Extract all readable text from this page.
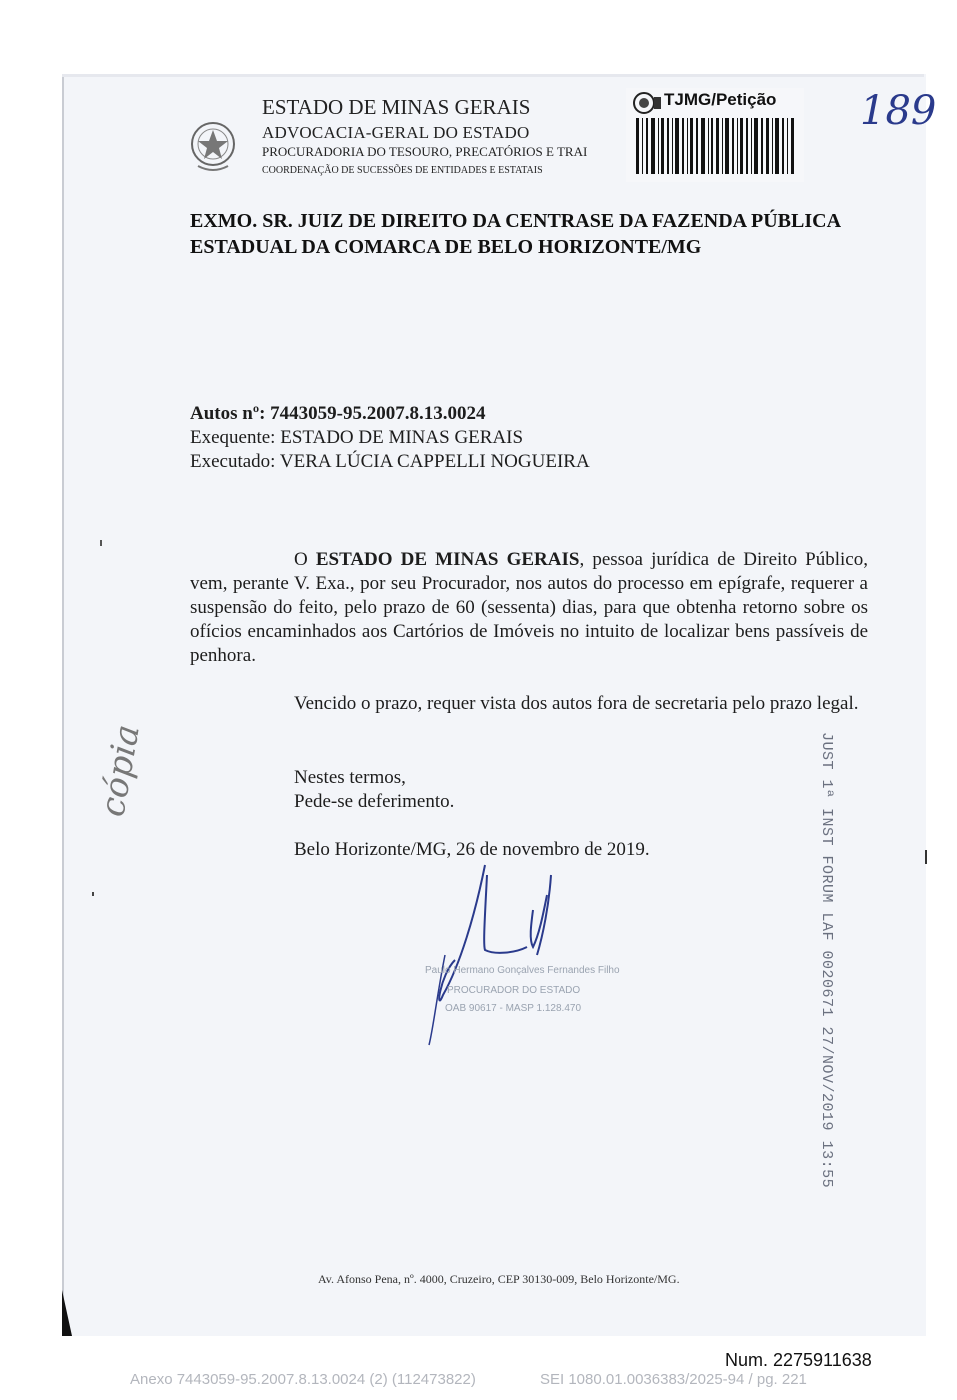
ESTADO DE MINAS GERAIS
ADVOCACIA-GERAL DO ESTADO
PROCURADORIA DO TESOURO, PRECATÓRIOS E TRAI
COORDENAÇÃO DE SUCESSÕES DE ENTIDADES E ESTATAIS
TJMG/Petição 189
EXMO. SR. JUIZ DE DIREITO DA CENTRASE DA FAZENDA PÚBLICA ESTADUAL DA COMARCA DE BELO HORIZONTE/MG
Autos nº: 7443059-95.2007.8.13.0024
Exequente: ESTADO DE MINAS GERAIS
Executado: VERA LÚCIA CAPPELLI NOGUEIRA
O ESTADO DE MINAS GERAIS, pessoa jurídica de Direito Público, vem, perante V. Exa., por seu Procurador, nos autos do processo em epígrafe, requerer a suspensão do feito, pelo prazo de 60 (sessenta) dias, para que obtenha retorno sobre os ofícios encaminhados aos Cartórios de Imóveis no intuito de localizar bens passíveis de penhora.
Vencido o prazo, requer vista dos autos fora de secretaria pelo prazo legal.
Nestes termos,
Pede-se deferimento.
Belo Horizonte/MG, 26 de novembro de 2019.
Paulo Hermano Gonçalves Fernandes Filho
PROCURADOR DO ESTADO
OAB 90617 - MASP 1.128.470	JUST 1ª INST FORUM LAF 0020671 27/NOV/2019 13:55
cópia
Av. Afonso Pena, nº. 4000, Cruzeiro, CEP 30130-009, Belo Horizonte/MG.
Num. 2275911638
Anexo 7443059-95.2007.8.13.0024 (2) (112473822)	SEI 1080.01.0036383/2025-94 / pg. 221
